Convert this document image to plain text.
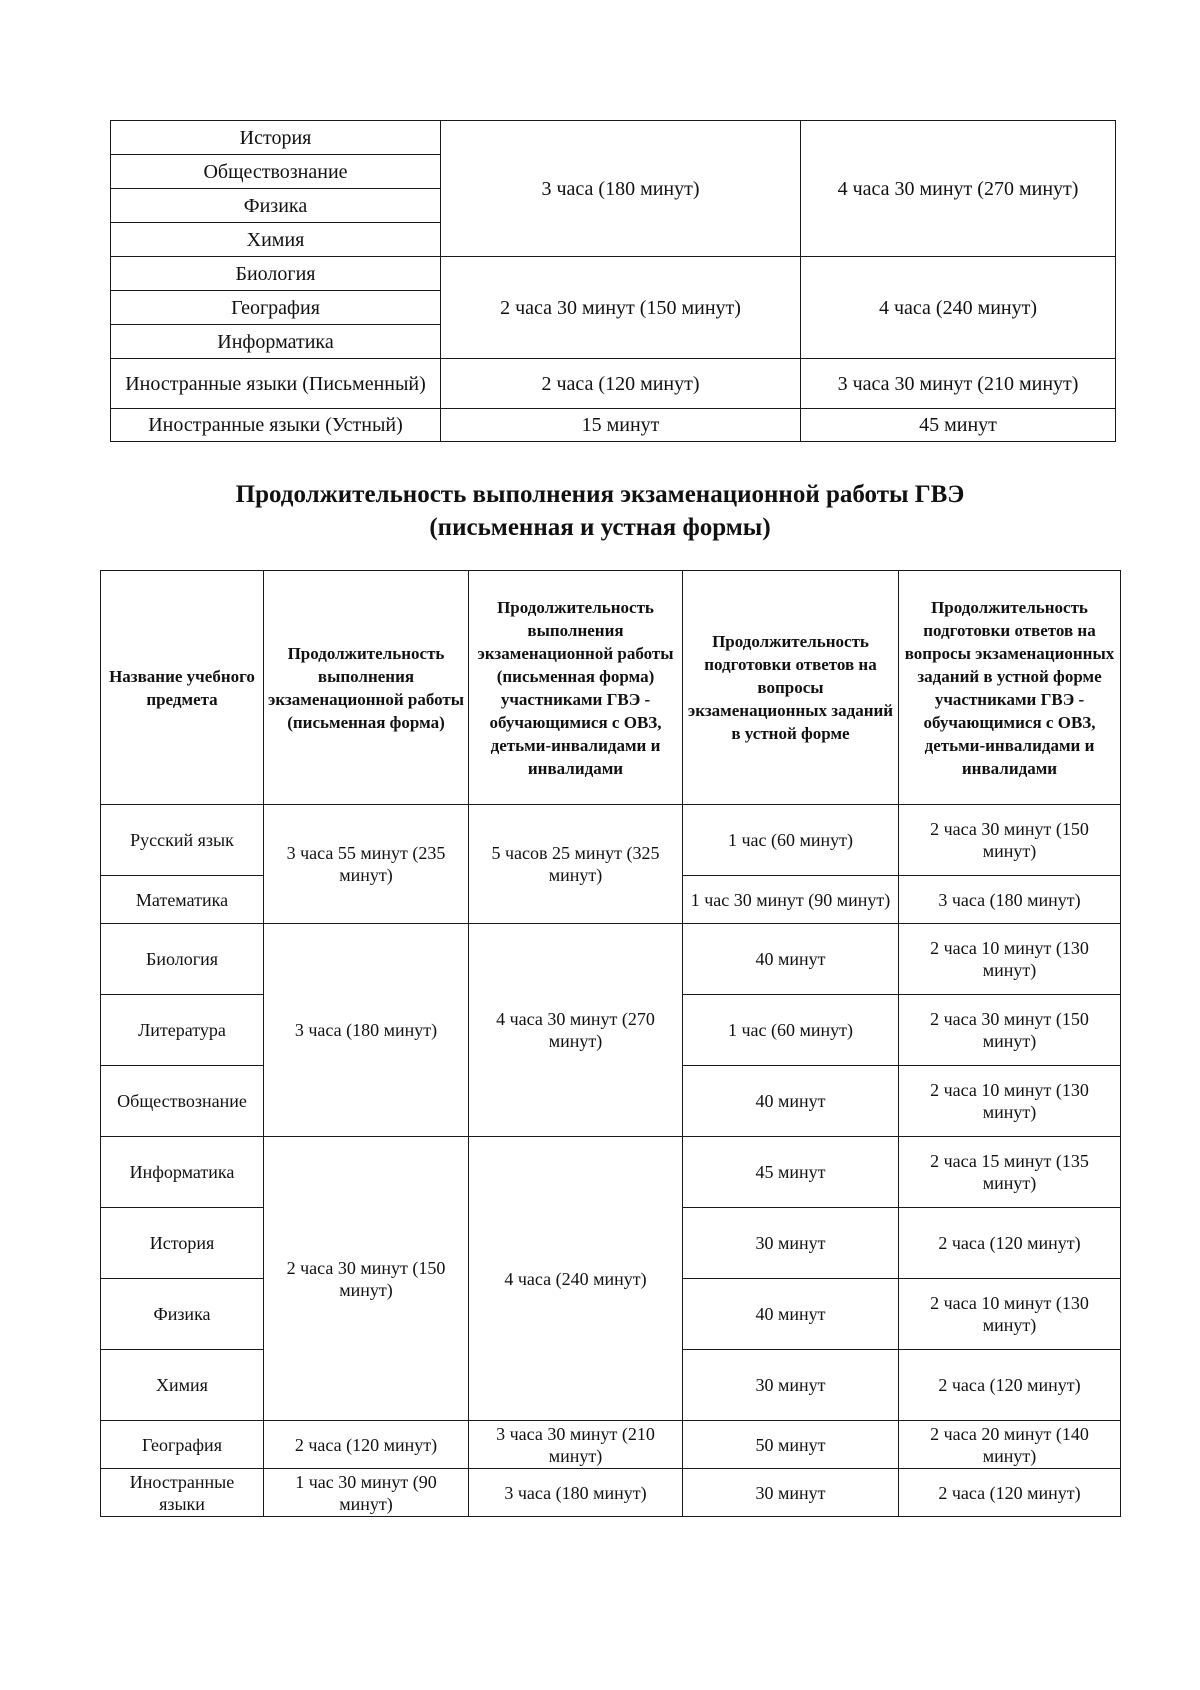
История	3 часа (180 минут)	4 часа 30 минут (270 минут)
Обществознание		
Физика		
Химия		
Биология	2 часа 30 минут (150 минут)	4 часа (240 минут)
География		
Информатика		
Иностранные языки (Письменный)	2 часа (120 минут)	3 часа 30 минут (210 минут)
Иностранные языки (Устный)	15 минут	45 минут
Продолжительность выполнения экзаменационной работы ГВЭ
(письменная и устная формы)
Название учебного предмета	Продолжительность выполнения экзаменационной работы (письменная форма)	Продолжительность выполнения экзаменационной работы (письменная форма) участниками ГВЭ - обучающимися с ОВЗ, детьми-инвалидами и инвалидами	Продолжительность подготовки ответов на вопросы экзаменационных заданий в устной форме	Продолжительность подготовки ответов на вопросы экзаменационных заданий в устной форме участниками ГВЭ - обучающимися с ОВЗ, детьми-инвалидами и инвалидами
Русский язык	3 часа 55 минут (235 минут)	5 часов 25 минут (325 минут)	1 час (60 минут)	2 часа 30 минут (150 минут)
Математика			1 час 30 минут (90 минут)	3 часа (180 минут)
Биология	3 часа (180 минут)	4 часа 30 минут (270 минут)	40 минут	2 часа 10 минут (130 минут)
Литература			1 час (60 минут)	2 часа 30 минут (150 минут)
Обществознание			40 минут	2 часа 10 минут (130 минут)
Информатика	2 часа 30 минут (150 минут)	4 часа (240 минут)	45 минут	2 часа 15 минут (135 минут)
История			30 минут	2 часа (120 минут)
Физика			40 минут	2 часа 10 минут (130 минут)
Химия			30 минут	2 часа (120 минут)
География	2 часа (120 минут)	3 часа 30 минут (210 минут)	50 минут	2 часа 20 минут (140 минут)
Иностранные языки	1 час 30 минут (90 минут)	3 часа (180 минут)	30 минут	2 часа (120 минут)
